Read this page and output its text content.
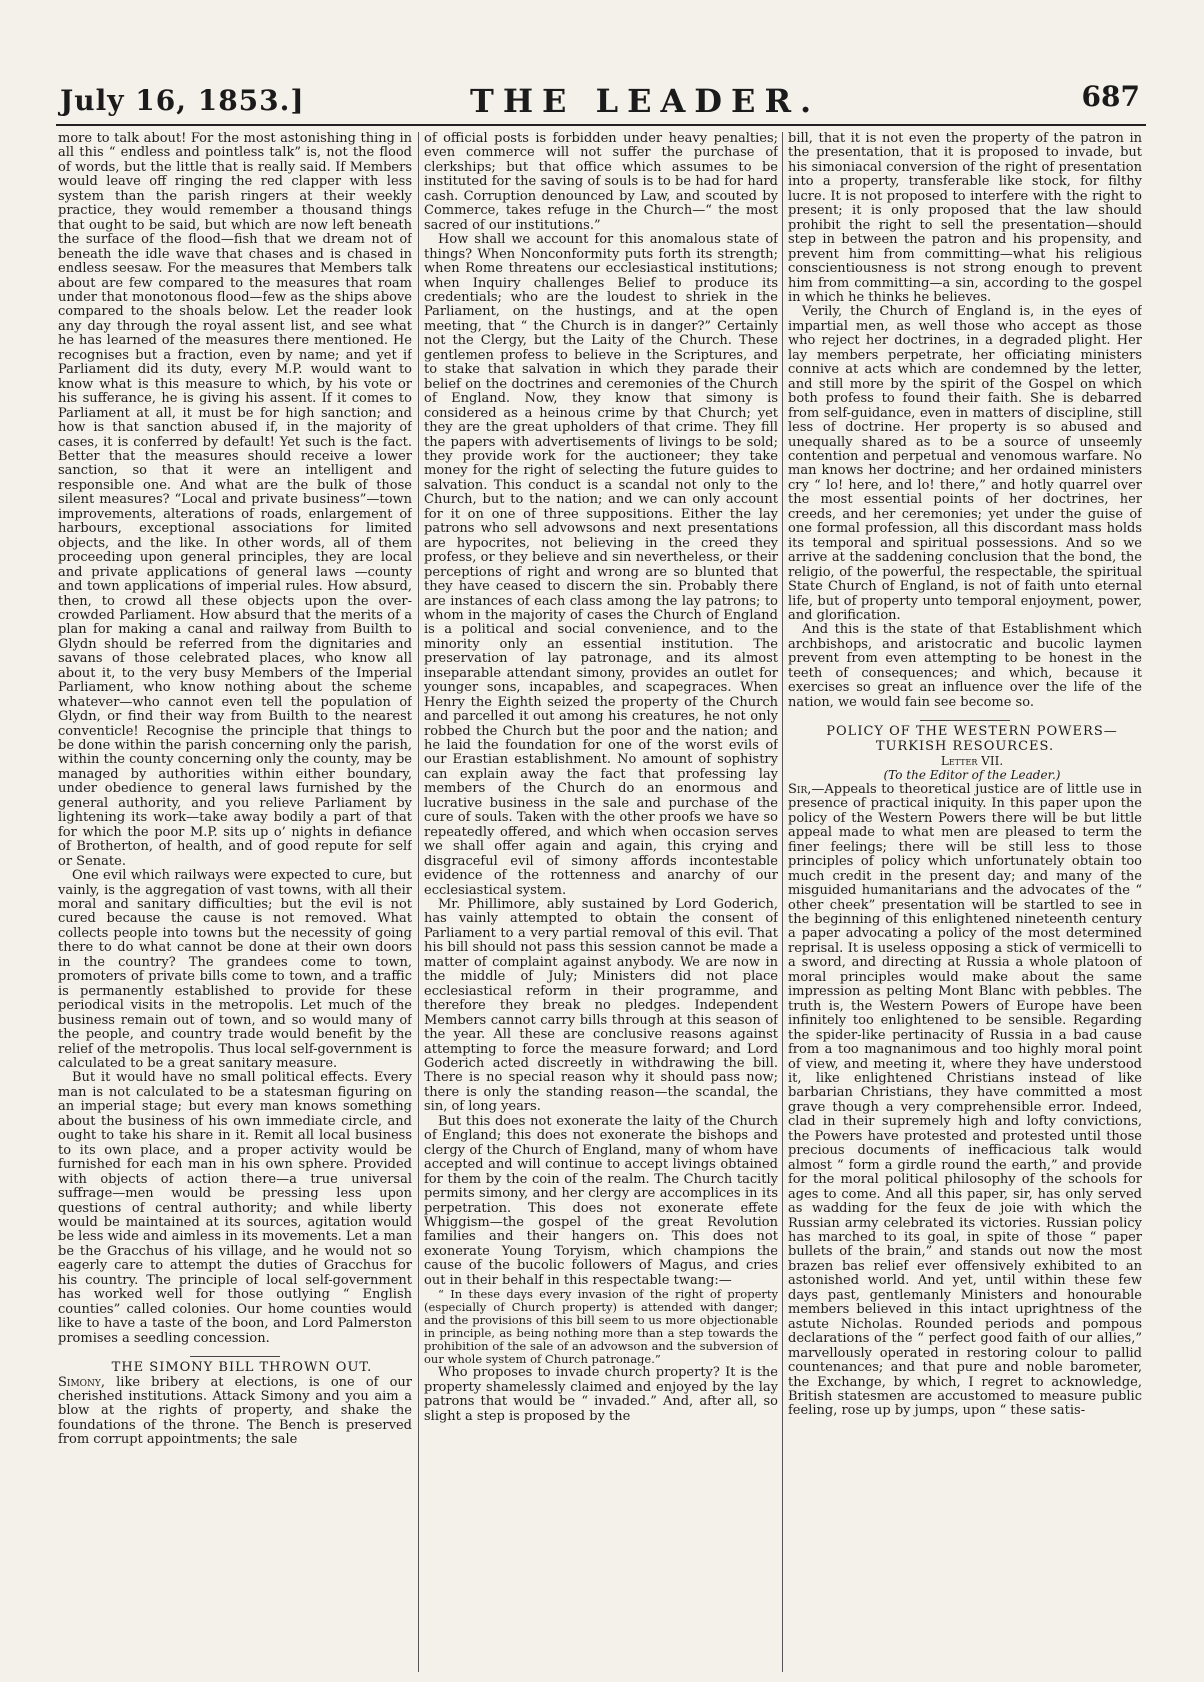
July 16, 1853.]	THE LEADER.	687

more to talk about! For the most astonishing thing in all this “ endless and pointless talk” is, not the flood of words, but the little that is really said. If Members would leave off ringing the red clapper with less system than the parish ringers at their weekly practice, they would remember a thousand things that ought to be said, but which are now left beneath the surface of the flood—fish that we dream not of beneath the idle wave that chases and is chased in endless seesaw. For the measures that Members talk about are few compared to the measures that roam under that monotonous flood—few as the ships above compared to the shoals below. Let the reader look any day through the royal assent list, and see what he has learned of the measures there mentioned. He recognises but a fraction, even by name; and yet if Parliament did its duty, every M.P. would want to know what is this measure to which, by his vote or his sufferance, he is giving his assent. If it comes to Parliament at all, it must be for high sanction; and how is that sanction abused if, in the majority of cases, it is conferred by default! Yet such is the fact. Better that the measures should receive a lower sanction, so that it were an intelligent and responsible one. And what are the bulk of those silent measures? “Local and private business”—town improvements, alterations of roads, enlargement of harbours, exceptional associations for limited objects, and the like. In other words, all of them proceeding upon general principles, they are local and private applications of general laws —county and town applications of imperial rules. How absurd, then, to crowd all these objects upon the over-crowded Parliament. How absurd that the merits of a plan for making a canal and railway from Builth to Glydn should be referred from the dignitaries and savans of those celebrated places, who know all about it, to the very busy Members of the Imperial Parliament, who know nothing about the scheme whatever—who cannot even tell the population of Glydn, or find their way from Builth to the nearest conventicle! Recognise the principle that things to be done within the parish concerning only the parish, within the county concerning only the county, may be managed by authorities within either boundary, under obedience to general laws furnished by the general authority, and you relieve Parliament by lightening its work—take away bodily a part of that for which the poor M.P. sits up o’ nights in defiance of Brotherton, of health, and of good repute for self or Senate.

One evil which railways were expected to cure, but vainly, is the aggregation of vast towns, with all their moral and sanitary difficulties; but the evil is not cured because the cause is not removed. What collects people into towns but the necessity of going there to do what cannot be done at their own doors in the country? The grandees come to town, promoters of private bills come to town, and a traffic is permanently established to provide for these periodical visits in the metropolis. Let much of the business remain out of town, and so would many of the people, and country trade would benefit by the relief of the metropolis. Thus local self-government is calculated to be a great sanitary measure.

But it would have no small political effects. Every man is not calculated to be a statesman figuring on an imperial stage; but every man knows something about the business of his own immediate circle, and ought to take his share in it. Remit all local business to its own place, and a proper activity would be furnished for each man in his own sphere. Provided with objects of action there—a true universal suffrage—men would be pressing less upon questions of central authority; and while liberty would be maintained at its sources, agitation would be less wide and aimless in its movements. Let a man be the Gracchus of his village, and he would not so eagerly care to attempt the duties of Gracchus for his country. The principle of local self-government has worked well for those outlying “ English counties” called colonies. Our home counties would like to have a taste of the boon, and Lord Palmerston promises a seedling concession.

THE SIMONY BILL THROWN OUT.

Simony, like bribery at elections, is one of our cherished institutions. Attack Simony and you aim a blow at the rights of property, and shake the foundations of the throne. The Bench is preserved from corrupt appointments; the sale

of official posts is forbidden under heavy penalties; even commerce will not suffer the purchase of clerkships; but that office which assumes to be instituted for the saving of souls is to be had for hard cash. Corruption denounced by Law, and scouted by Commerce, takes refuge in the Church—“ the most sacred of our institutions.”

How shall we account for this anomalous state of things? When Nonconformity puts forth its strength; when Rome threatens our ecclesiastical institutions; when Inquiry challenges Belief to produce its credentials; who are the loudest to shriek in the Parliament, on the hustings, and at the open meeting, that “ the Church is in danger?” Certainly not the Clergy, but the Laity of the Church. These gentlemen profess to believe in the Scriptures, and to stake that salvation in which they parade their belief on the doctrines and ceremonies of the Church of England. Now, they know that simony is considered as a heinous crime by that Church; yet they are the great upholders of that crime. They fill the papers with advertisements of livings to be sold; they provide work for the auctioneer; they take money for the right of selecting the future guides to salvation. This conduct is a scandal not only to the Church, but to the nation; and we can only account for it on one of three suppositions. Either the lay patrons who sell advowsons and next presentations are hypocrites, not believing in the creed they profess, or they believe and sin nevertheless, or their perceptions of right and wrong are so blunted that they have ceased to discern the sin. Probably there are instances of each class among the lay patrons; to whom in the majority of cases the Church of England is a political and social convenience, and to the minority only an essential institution. The preservation of lay patronage, and its almost inseparable attendant simony, provides an outlet for younger sons, incapables, and scapegraces. When Henry the Eighth seized the property of the Church and parcelled it out among his creatures, he not only robbed the Church but the poor and the nation; and he laid the foundation for one of the worst evils of our Erastian establishment. No amount of sophistry can explain away the fact that professing lay members of the Church do an enormous and lucrative business in the sale and purchase of the cure of souls. Taken with the other proofs we have so repeatedly offered, and which when occasion serves we shall offer again and again, this crying and disgraceful evil of simony affords incontestable evidence of the rottenness and anarchy of our ecclesiastical system.

Mr. Phillimore, ably sustained by Lord Goderich, has vainly attempted to obtain the consent of Parliament to a very partial removal of this evil. That his bill should not pass this session cannot be made a matter of complaint against anybody. We are now in the middle of July; Ministers did not place ecclesiastical reform in their programme, and therefore they break no pledges. Independent Members cannot carry bills through at this season of the year. All these are conclusive reasons against attempting to force the measure forward; and Lord Goderich acted discreetly in withdrawing the bill. There is no special reason why it should pass now; there is only the standing reason—the scandal, the sin, of long years.

But this does not exonerate the laity of the Church of England; this does not exonerate the bishops and clergy of the Church of England, many of whom have accepted and will continue to accept livings obtained for them by the coin of the realm. The Church tacitly permits simony, and her clergy are accomplices in its perpetration. This does not exonerate effete Whiggism—the gospel of the great Revolution families and their hangers on. This does not exonerate Young Toryism, which champions the cause of the bucolic followers of Magus, and cries out in their behalf in this respectable twang:—

“ In these days every invasion of the right of property (especially of Church property) is attended with danger; and the provisions of this bill seem to us more objectionable in principle, as being nothing more than a step towards the prohibition of the sale of an advowson and the subversion of our whole system of Church patronage.”

Who proposes to invade church property? It is the property shamelessly claimed and enjoyed by the lay patrons that would be “ invaded.” And, after all, so slight a step is proposed by the

bill, that it is not even the property of the patron in the presentation, that it is proposed to invade, but his simoniacal conversion of the right of presentation into a property, transferable like stock, for filthy lucre. It is not proposed to interfere with the right to present; it is only proposed that the law should prohibit the right to sell the presentation—should step in between the patron and his propensity, and prevent him from committing—what his religious conscientiousness is not strong enough to prevent him from committing—a sin, according to the gospel in which he thinks he believes.

Verily, the Church of England is, in the eyes of impartial men, as well those who accept as those who reject her doctrines, in a degraded plight. Her lay members perpetrate, her officiating ministers connive at acts which are condemned by the letter, and still more by the spirit of the Gospel on which both profess to found their faith. She is debarred from self-guidance, even in matters of discipline, still less of doctrine. Her property is so abused and unequally shared as to be a source of unseemly contention and perpetual and venomous warfare. No man knows her doctrine; and her ordained ministers cry “ lo! here, and lo! there,” and hotly quarrel over the most essential points of her doctrines, her creeds, and her ceremonies; yet under the guise of one formal profession, all this discordant mass holds its temporal and spiritual possessions. And so we arrive at the saddening conclusion that the bond, the religio, of the powerful, the respectable, the spiritual State Church of England, is not of faith unto eternal life, but of property unto temporal enjoyment, power, and glorification.

And this is the state of that Establishment which archbishops, and aristocratic and bucolic laymen prevent from even attempting to be honest in the teeth of consequences; and which, because it exercises so great an influence over the life of the nation, we would fain see become so.

POLICY OF THE WESTERN POWERS— TURKISH RESOURCES.

Letter VII.

(To the Editor of the Leader.)

Sir,—Appeals to theoretical justice are of little use in presence of practical iniquity. In this paper upon the policy of the Western Powers there will be but little appeal made to what men are pleased to term the finer feelings; there will be still less to those principles of policy which unfortunately obtain too much credit in the present day; and many of the misguided humanitarians and the advocates of the “ other cheek” presentation will be startled to see in the beginning of this enlightened nineteenth century a paper advocating a policy of the most determined reprisal. It is useless opposing a stick of vermicelli to a sword, and directing at Russia a whole platoon of moral principles would make about the same impression as pelting Mont Blanc with pebbles. The truth is, the Western Powers of Europe have been infinitely too enlightened to be sensible. Regarding the spider-like pertinacity of Russia in a bad cause from a too magnanimous and too highly moral point of view, and meeting it, where they have understood it, like enlightened Christians instead of like barbarian Christians, they have committed a most grave though a very comprehensible error. Indeed, clad in their supremely high and lofty convictions, the Powers have protested and protested until those precious documents of inefficacious talk would almost “ form a girdle round the earth,” and provide for the moral political philosophy of the schools for ages to come. And all this paper, sir, has only served as wadding for the feux de joie with which the Russian army celebrated its victories. Russian policy has marched to its goal, in spite of those “ paper bullets of the brain,” and stands out now the most brazen bas relief ever offensively exhibited to an astonished world. And yet, until within these few days past, gentlemanly Ministers and honourable members believed in this intact uprightness of the astute Nicholas. Rounded periods and pompous declarations of the “ perfect good faith of our allies,” marvellously operated in restoring colour to pallid countenances; and that pure and noble barometer, the Exchange, by which, I regret to acknowledge, British statesmen are accustomed to measure public feeling, rose up by jumps, upon “ these satis-
